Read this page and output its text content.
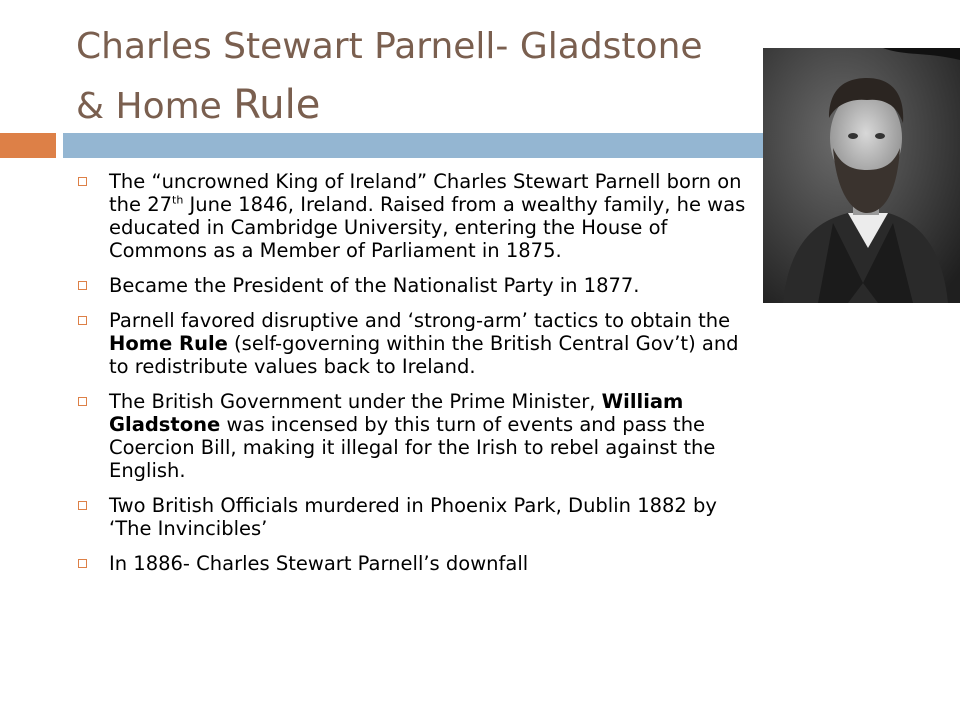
Charles Stewart Parnell- Gladstone
& Home Rule
The “uncrowned King of Ireland” Charles Stewart Parnell born on the 27th June 1846, Ireland. Raised from a wealthy family, he was educated in Cambridge University, entering the House of Commons as a Member of Parliament in 1875.
Became the President of the Nationalist Party in 1877.
Parnell favored disruptive and ‘strong-arm’ tactics to obtain the Home Rule (self-governing within the British Central Gov’t) and to redistribute values back to Ireland.
The British Government under the Prime Minister, William Gladstone was incensed by this turn of events and pass the Coercion Bill, making it illegal for the Irish to rebel against the English.
Two British Officials murdered in Phoenix Park, Dublin 1882 by ‘The Invincibles’
In 1886- Charles Stewart Parnell’s downfall
